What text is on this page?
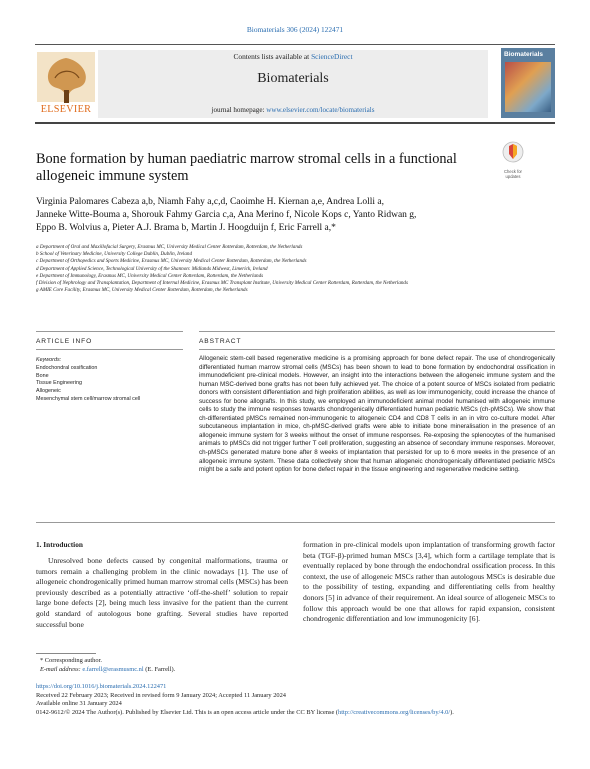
Biomaterials 306 (2024) 122471
ELSEVIER
Contents lists available at ScienceDirect
Biomaterials
journal homepage: www.elsevier.com/locate/biomaterials
Biomaterials
Bone formation by human paediatric marrow stromal cells in a functional allogeneic immune system	Check for updates
Virginia Palomares Cabeza a,b, Niamh Fahy a,c,d, Caoimhe H. Kiernan a,e, Andrea Lolli a,
Janneke Witte-Bouma a, Shorouk Fahmy Garcia c,a, Ana Merino f, Nicole Kops c, Yanto Ridwan g,
Eppo B. Wolvius a, Pieter A.J. Brama b, Martin J. Hoogduijn f, Eric Farrell a,*
a Department of Oral and Maxillofacial Surgery, Erasmus MC, University Medical Center Rotterdam, Rotterdam, the Netherlands
b School of Veterinary Medicine, University College Dublin, Dublin, Ireland
c Department of Orthopedics and Sports Medicine, Erasmus MC, University Medical Center Rotterdam, Rotterdam, the Netherlands
d Department of Applied Science, Technological University of the Shannon: Midlands Midwest, Limerick, Ireland
e Department of Immunology, Erasmus MC, University Medical Center Rotterdam, Rotterdam, the Netherlands
f Division of Nephrology and Transplantation, Department of Internal Medicine, Erasmus MC Transplant Institute, University Medical Center Rotterdam, Rotterdam, the Netherlands
g AMIE Core Facility, Erasmus MC, University Medical Center Rotterdam, Rotterdam, the Netherlands
ARTICLE INFO	ABSTRACT
Keywords:
Endochondral ossification
Bone
Tissue Engineering
Allogeneic
Mesenchymal stem cell/marrow stromal cell
Allogeneic stem-cell based regenerative medicine is a promising approach for bone defect repair. The use of chondrogenically differentiated human marrow stromal cells (MSCs) has been shown to lead to bone formation by endochondral ossification in immunodeficient pre-clinical models. However, an insight into the interactions between the allogeneic immune system and the human MSC-derived bone grafts has not been fully achieved yet. The choice of a potent source of MSCs isolated from pediatric donors with consistent differentiation and high proliferation abilities, as well as low immunogenicity, could increase the chance of success for bone allografts. In this study, we employed an immunodeficient animal model humanised with allogeneic immune cells to study the immune responses towards chondrogenically differentiated human pediatric MSCs (ch-pMSCs). We show that ch-differentiated pMSCs remained non-immunogenic to allogeneic CD4 and CD8 T cells in an in vitro co-culture model. After subcutaneous implantation in mice, ch-pMSC-derived grafts were able to initiate bone mineralisation in the presence of an allogeneic immune system for 3 weeks without the onset of immune responses. Re-exposing the splenocytes of the humanised animals to pMSCs did not trigger further T cell proliferation, suggesting an absence of secondary immune responses. Moreover, ch-pMSCs generated mature bone after 8 weeks of implantation that persisted for up to 6 more weeks in the presence of an allogeneic immune system. These data collectively show that human allogeneic chondrogenically differentiated pediatric MSCs might be a safe and potent option for bone defect repair in the tissue engineering and regenerative medicine setting.
1. Introduction
Unresolved bone defects caused by congenital malformations, trauma or tumors remain a challenging problem in the clinic nowadays [1]. The use of allogeneic chondrogenically primed human marrow stromal cells (MSCs) has been previously described as a potentially attractive ‘off-the-shelf’ solution to repair large bone defects [2], being much less invasive for the patient than the current gold standard of autologous bone grafting. Several studies have reported successful bone
formation in pre-clinical models upon implantation of transforming growth factor beta (TGF-β)-primed human MSCs [3,4], which form a cartilage template that is eventually replaced by bone through the endochondral ossification process. In this context, the use of allogeneic MSCs rather than autologous MSCs is desirable due to the possibility of testing, expanding and differentiating cells from healthy donors [5] in advance of their requirement. An ideal source of allogeneic MSCs to follow this approach would be one that allows for rapid expansion, consistent chondrogenic differentiation and low immunogenicity [6].
* Corresponding author.
E-mail address: e.farrell@erasmusmc.nl (E. Farrell).
https://doi.org/10.1016/j.biomaterials.2024.122471
Received 22 February 2023; Received in revised form 9 January 2024; Accepted 11 January 2024
Available online 31 January 2024
0142-9612/© 2024 The Author(s). Published by Elsevier Ltd. This is an open access article under the CC BY license (http://creativecommons.org/licenses/by/4.0/).
